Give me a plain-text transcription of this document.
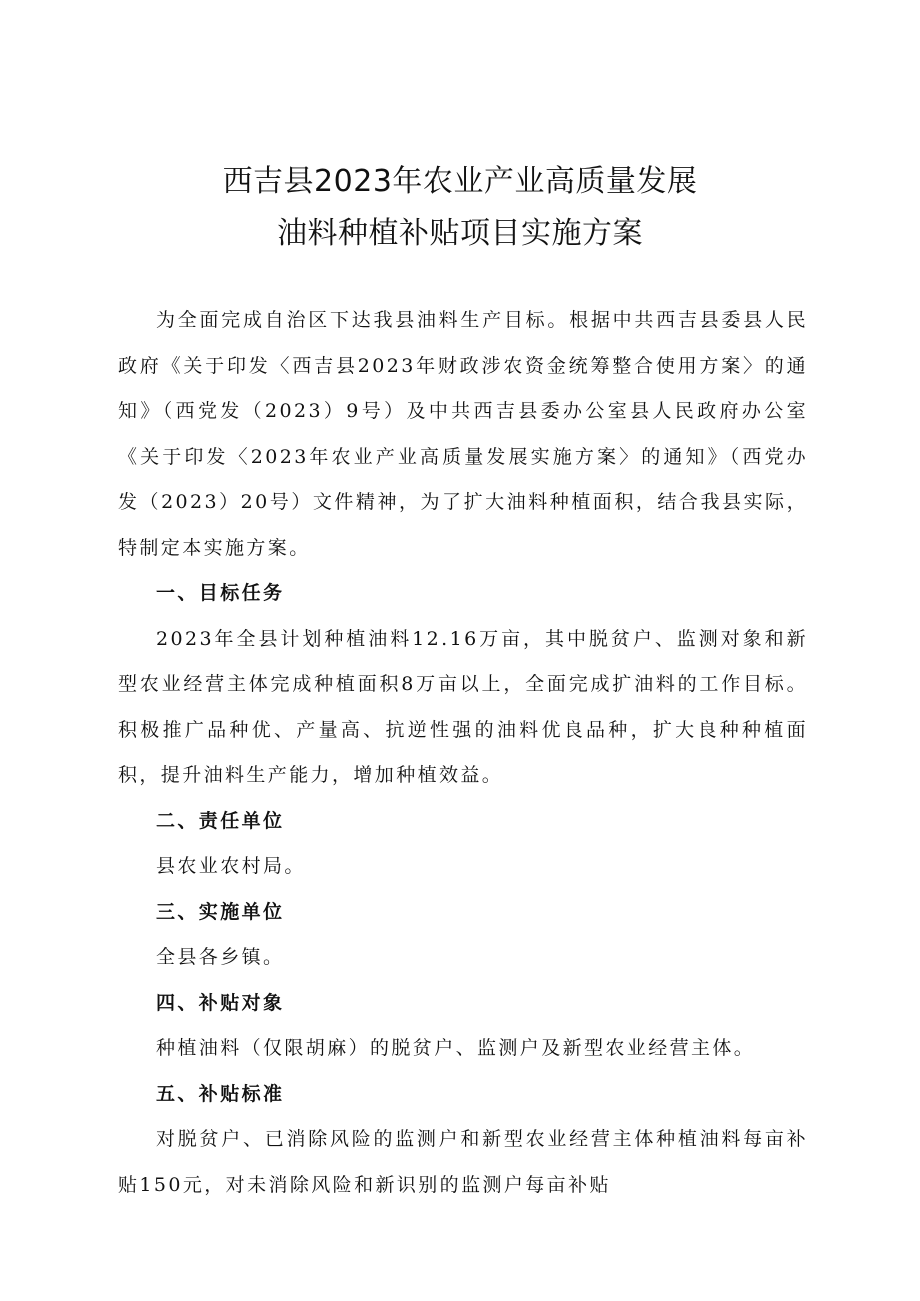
西吉县2023年农业产业高质量发展
油料种植补贴项目实施方案

为全面完成自治区下达我县油料生产目标。根据中共西吉县委县人民政府《关于印发〈西吉县2023年财政涉农资金统筹整合使用方案〉的通知》（西党发（2023）9号）及中共西吉县委办公室县人民政府办公室《关于印发〈2023年农业产业高质量发展实施方案〉的通知》（西党办发（2023）20号）文件精神，为了扩大油料种植面积，结合我县实际，特制定本实施方案。

一、目标任务

2023年全县计划种植油料12.16万亩，其中脱贫户、监测对象和新型农业经营主体完成种植面积8万亩以上，全面完成扩油料的工作目标。积极推广品种优、产量高、抗逆性强的油料优良品种，扩大良种种植面积，提升油料生产能力，增加种植效益。

二、责任单位

县农业农村局。

三、实施单位

全县各乡镇。

四、补贴对象

种植油料（仅限胡麻）的脱贫户、监测户及新型农业经营主体。

五、补贴标准

对脱贫户、已消除风险的监测户和新型农业经营主体种植油料每亩补贴150元，对未消除风险和新识别的监测户每亩补贴
